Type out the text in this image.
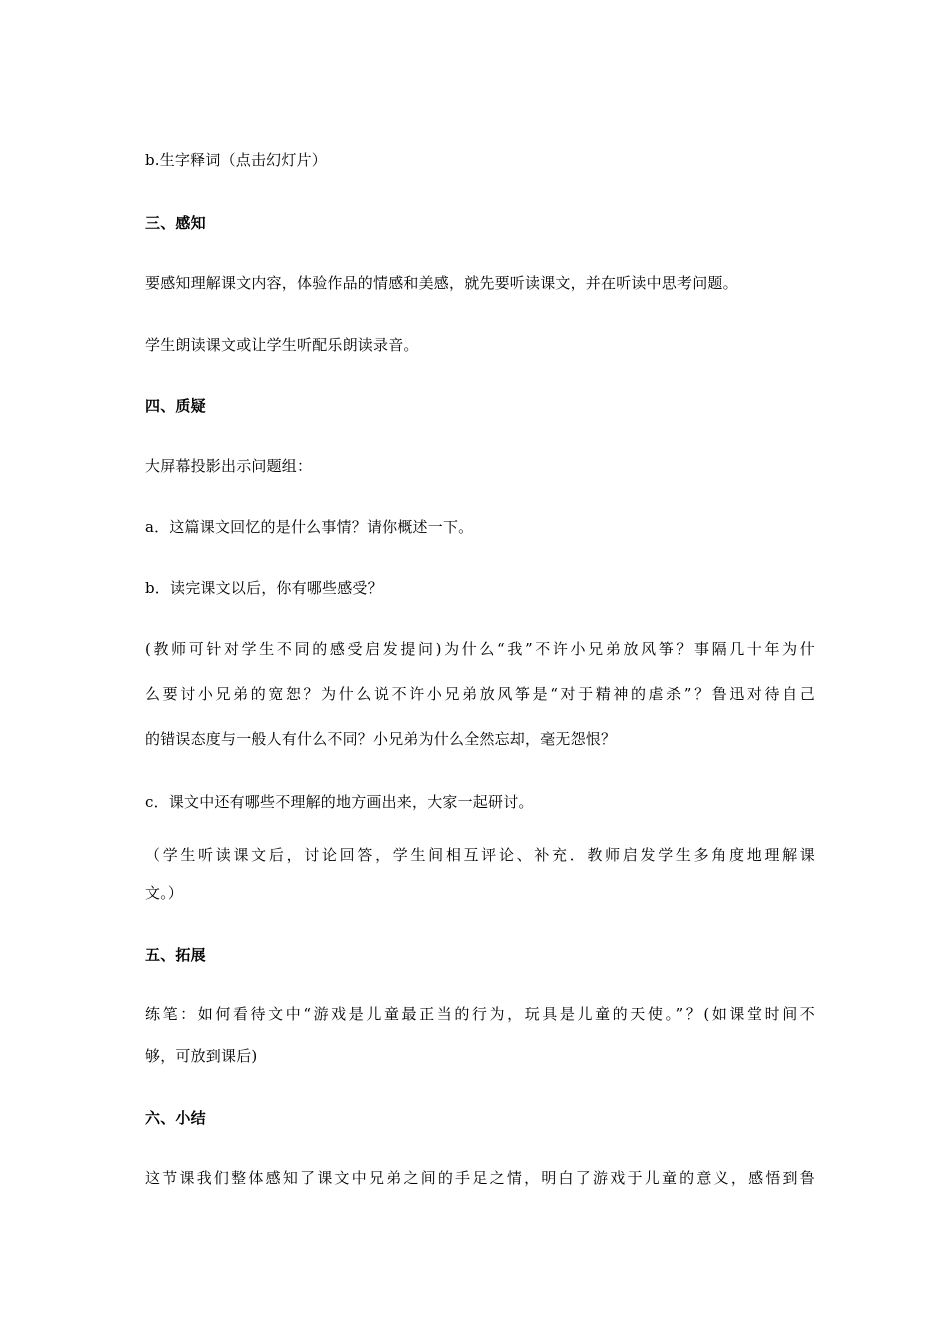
b.生字释词（点击幻灯片）
三、感知
要感知理解课文内容，体验作品的情感和美感，就先要听读课文，并在听读中思考问题。
学生朗读课文或让学生听配乐朗读录音。
四、质疑
大屏幕投影出示问题组：
a．这篇课文回忆的是什么事情？请你概述一下。
b．读完课文以后，你有哪些感受？
(教师可针对学生不同的感受启发提问)为什么“我”不许小兄弟放风筝？事隔几十年为什
么要讨小兄弟的宽恕？为什么说不许小兄弟放风筝是“对于精神的虐杀”？鲁迅对待自己
的错误态度与一般人有什么不同？小兄弟为什么全然忘却，毫无怨恨？
c．课文中还有哪些不理解的地方画出来，大家一起研讨。
（学生听读课文后，讨论回答，学生间相互评论、补充．教师启发学生多角度地理解课
文。）
五、拓展
练笔：如何看待文中“游戏是儿童最正当的行为，玩具是儿童的天使。”？(如课堂时间不
够，可放到课后)
六、小结
这节课我们整体感知了课文中兄弟之间的手足之情，明白了游戏于儿童的意义，感悟到鲁
